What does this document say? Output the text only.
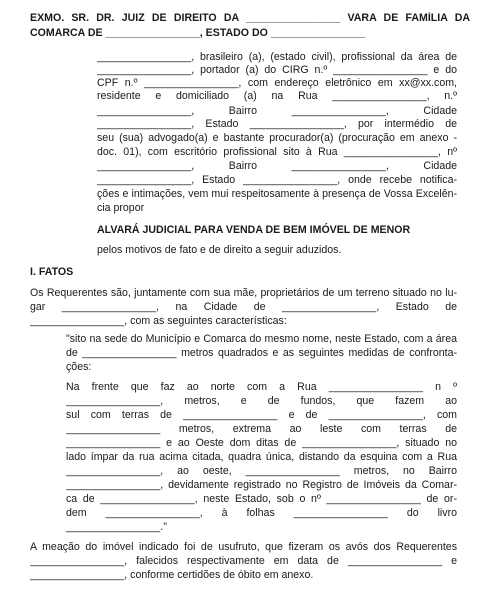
EXMO. SR. DR. JUIZ DE DIREITO DA ________________ VARA DE FAMÍLIA DA
COMARCA DE ________________, ESTADO DO ________________
________________, brasileiro (a), (estado civil), profissional da área de
________________, portador (a) do CIRG n.º ________________ e do
CPF n.º ________________, com endereço eletrônico em xx@xx.com,
residente e domiciliado (a) na Rua ________________, n.º
________________, Bairro ________________, Cidade
________________, Estado ________________, por intermédio de
seu (sua) advogado(a) e bastante procurador(a) (procuração em anexo -
doc. 01), com escritório profissional sito à Rua ________________, nº
________________, Bairro ________________, Cidade
________________, Estado ________________, onde recebe notifica-
ções e intimações, vem mui respeitosamente à presença de Vossa Excelên-
cia propor
ALVARÁ JUDICIAL PARA VENDA DE BEM IMÓVEL DE MENOR
pelos motivos de fato e de direito a seguir aduzidos.
I. FATOS
Os Requerentes são, juntamente com sua mãe, proprietários de um terreno situado no lu-
gar ________________, na Cidade de ________________, Estado de
________________, com as seguintes características:
"sito na sede do Município e Comarca do mesmo nome, neste Estado, com a área
de ________________ metros quadrados e as seguintes medidas de confronta-
ções:
Na frente que faz ao norte com a Rua ________________ n º
________________, metros, e de fundos, que fazem ao
sul com terras de ________________ e de ________________, com
________________ metros, extrema ao leste com terras de
________________ e ao Oeste dom ditas de ________________, situado no
lado ímpar da rua acima citada, quadra única, distando da esquina com a Rua
________________, ao oeste, ________________ metros, no Bairro
________________, devidamente registrado no Registro de Imóveis da Comar-
ca de ________________, neste Estado, sob o nº ________________ de or-
dem ________________, à folhas ________________ do livro
________________."
A meação do imóvel indicado foi de usufruto, que fizeram os avós dos Requerentes
________________, falecidos respectivamente em data de ________________ e
________________, conforme certidões de óbito em anexo.
